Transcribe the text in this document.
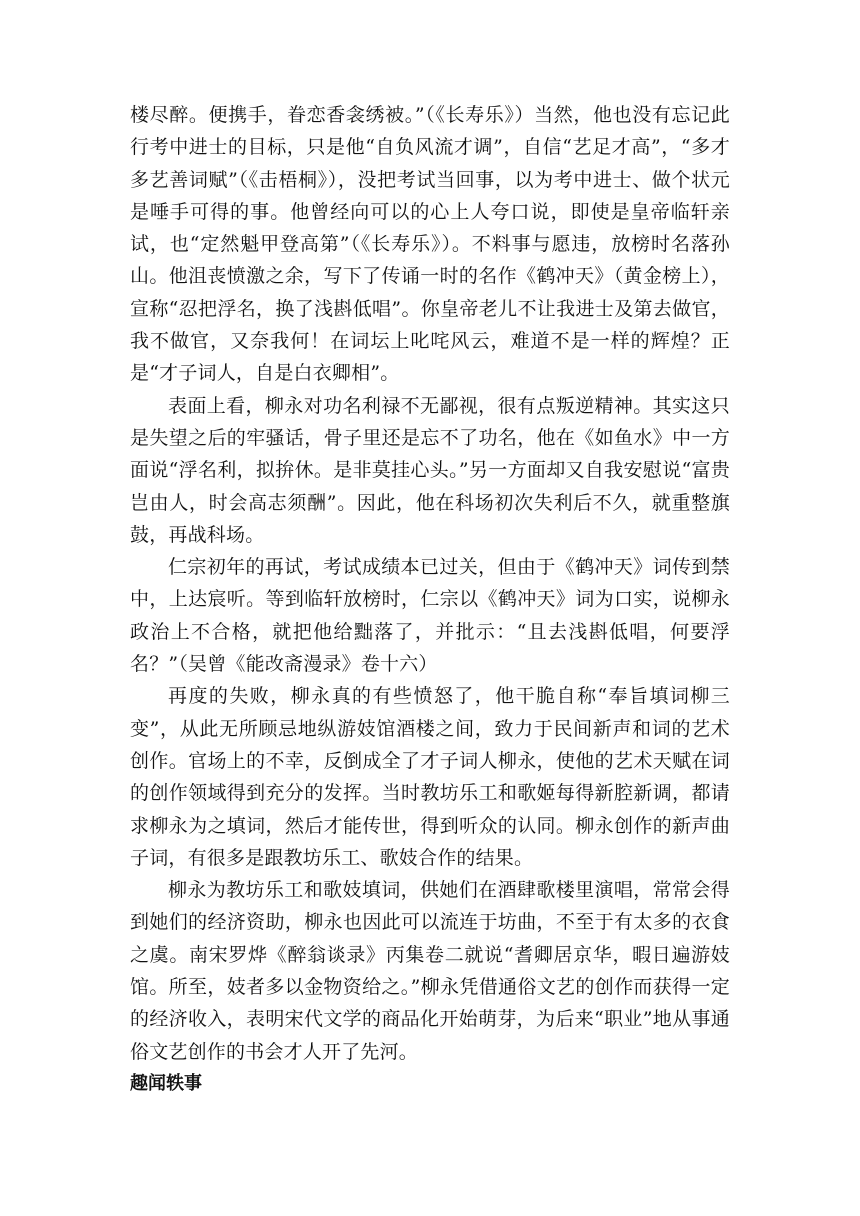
楼尽醉。便携手，眷恋香衾绣被。”（《长寿乐》）当然，他也没有忘记此行考中进士的目标，只是他“自负风流才调”，自信“艺足才高”，“多才多艺善词赋”（《击梧桐》），没把考试当回事，以为考中进士、做个状元是唾手可得的事。他曾经向可以的心上人夸口说，即使是皇帝临轩亲试，也“定然魁甲登高第”（《长寿乐》）。不料事与愿违，放榜时名落孙山。他沮丧愤激之余，写下了传诵一时的名作《鹤冲天》（黄金榜上），宣称“忍把浮名，换了浅斟低唱”。你皇帝老儿不让我进士及第去做官，我不做官，又奈我何！在词坛上叱咤风云，难道不是一样的辉煌？正是“才子词人，自是白衣卿相”。

表面上看，柳永对功名利禄不无鄙视，很有点叛逆精神。其实这只是失望之后的牢骚话，骨子里还是忘不了功名，他在《如鱼水》中一方面说“浮名利，拟拚休。是非莫挂心头。”另一方面却又自我安慰说“富贵岂由人，时会高志须酬”。因此，他在科场初次失利后不久，就重整旗鼓，再战科场。

仁宗初年的再试，考试成绩本已过关，但由于《鹤冲天》词传到禁中，上达宸听。等到临轩放榜时，仁宗以《鹤冲天》词为口实，说柳永政治上不合格，就把他给黜落了，并批示：“且去浅斟低唱，何要浮名？”（吴曾《能改斋漫录》卷十六）

再度的失败，柳永真的有些愤怒了，他干脆自称“奉旨填词柳三变”，从此无所顾忌地纵游妓馆酒楼之间，致力于民间新声和词的艺术创作。官场上的不幸，反倒成全了才子词人柳永，使他的艺术天赋在词的创作领域得到充分的发挥。当时教坊乐工和歌姬每得新腔新调，都请求柳永为之填词，然后才能传世，得到听众的认同。柳永创作的新声曲子词，有很多是跟教坊乐工、歌妓合作的结果。

柳永为教坊乐工和歌妓填词，供她们在酒肆歌楼里演唱，常常会得到她们的经济资助，柳永也因此可以流连于坊曲，不至于有太多的衣食之虞。南宋罗烨《醉翁谈录》丙集卷二就说“耆卿居京华，暇日遍游妓馆。所至，妓者多以金物资给之。”柳永凭借通俗文艺的创作而获得一定的经济收入，表明宋代文学的商品化开始萌芽，为后来“职业”地从事通俗文艺创作的书会才人开了先河。

趣闻轶事
